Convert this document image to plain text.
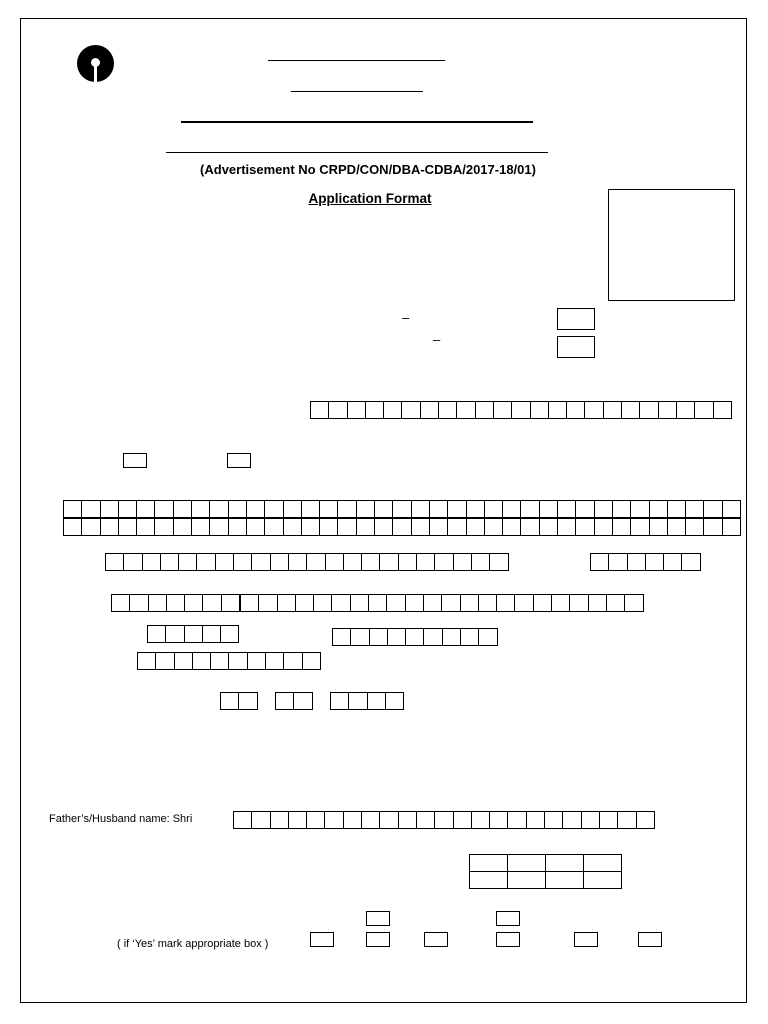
(Advertisement No CRPD/CON/DBA-CDBA/2017-18/01)
Application Format
–
–
Father’s/Husband name: Shri

( if ‘Yes’ mark appropriate box )
